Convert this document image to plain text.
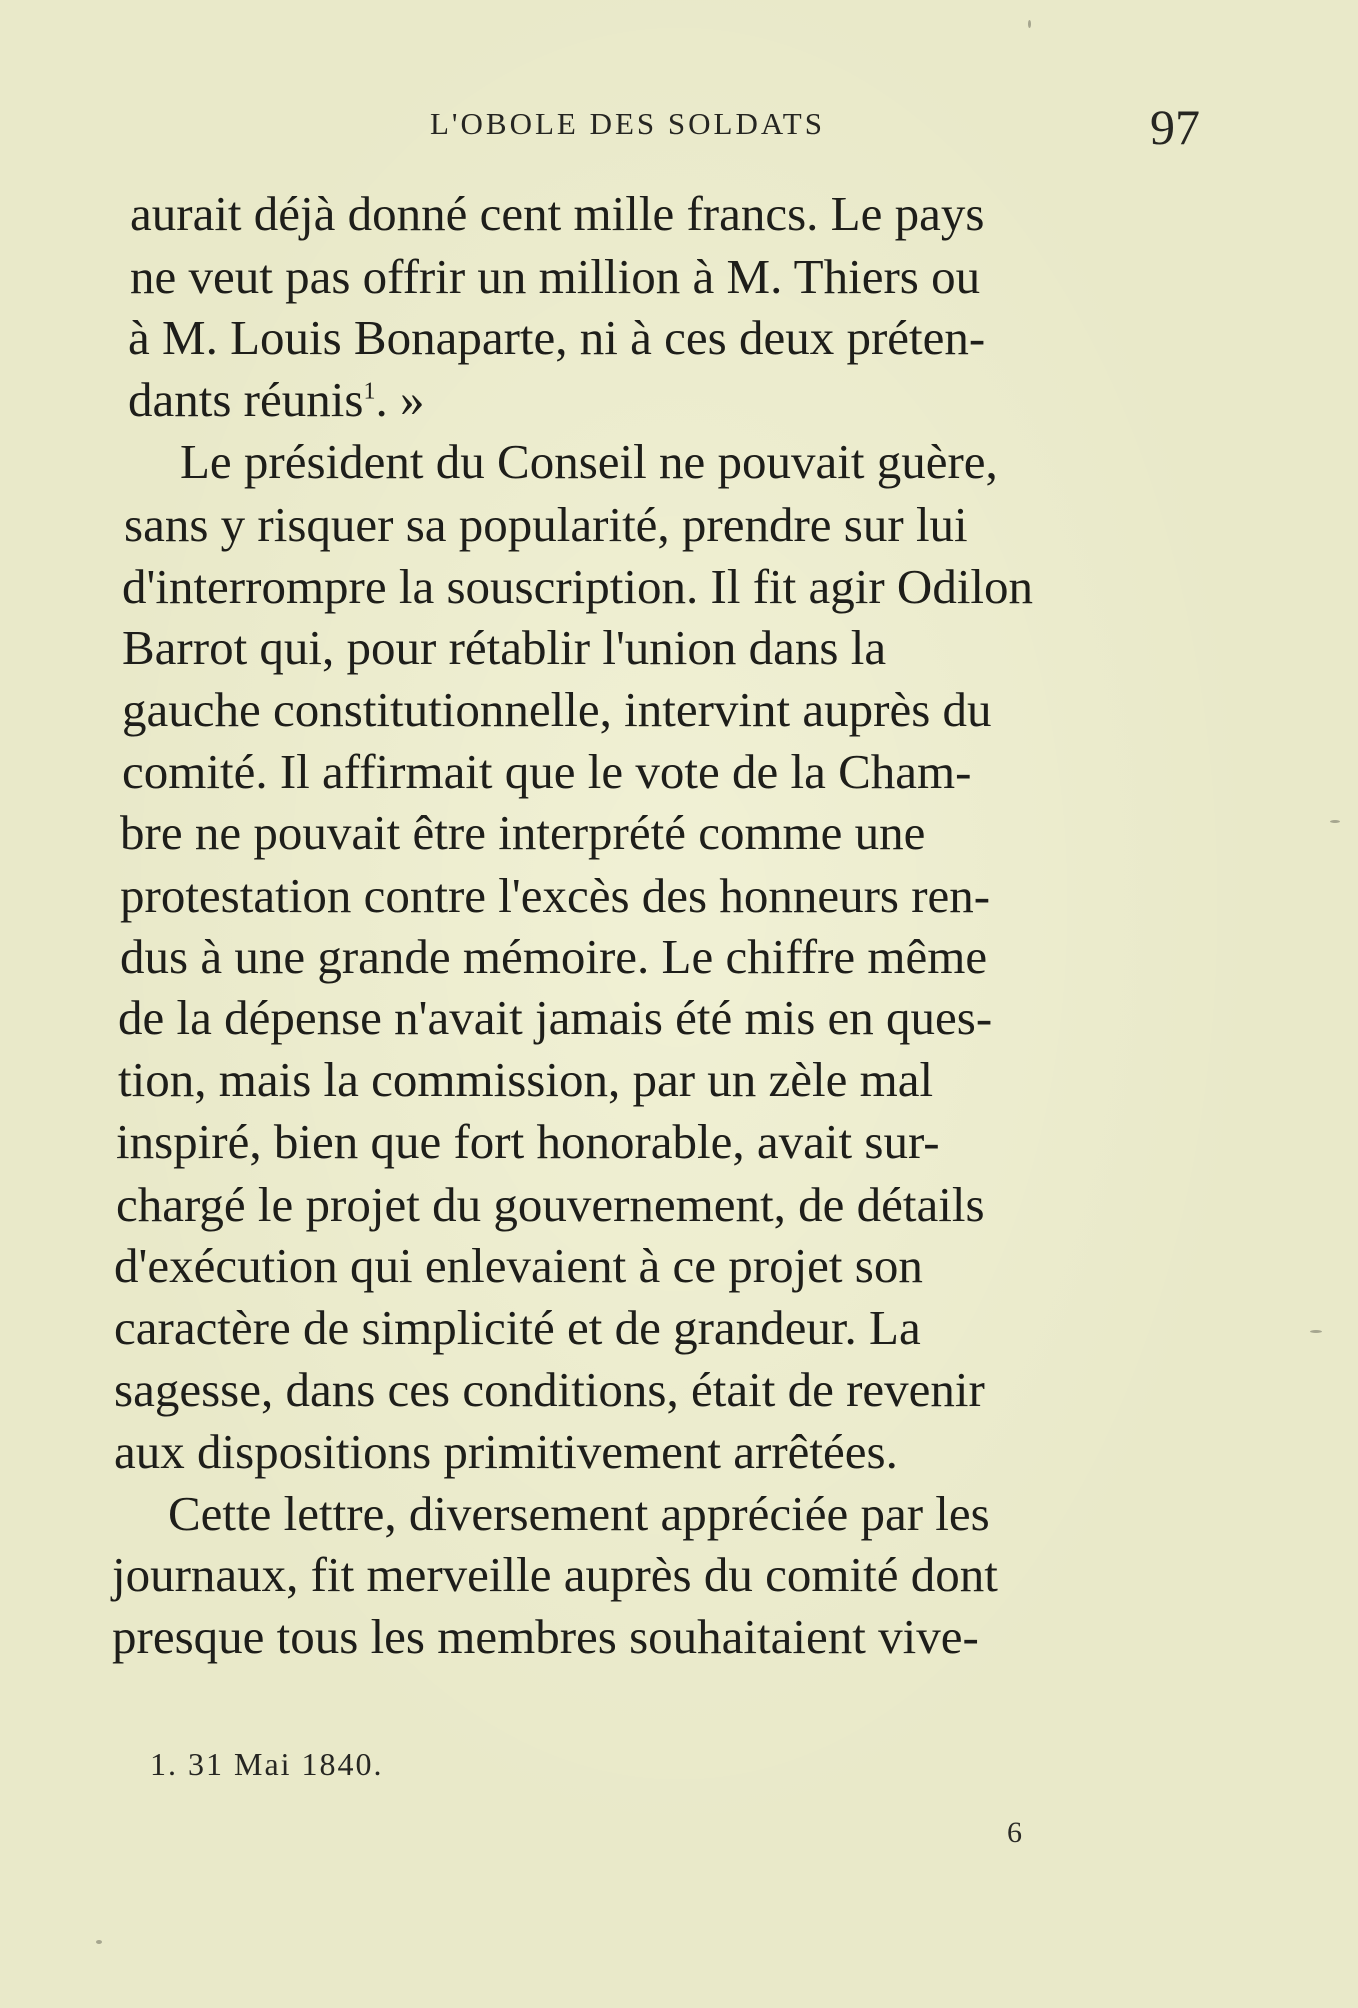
L'OBOLE DES SOLDATS	97
aurait déjà donné cent mille francs. Le pays
ne veut pas offrir un million à M. Thiers ou
à M. Louis Bonaparte, ni à ces deux préten-
dants réunis$^1$. »
Le président du Conseil ne pouvait guère,
sans y risquer sa popularité, prendre sur lui
d'interrompre la souscription. Il fit agir Odilon
Barrot qui, pour rétablir l'union dans la
gauche constitutionnelle, intervint auprès du
comité. Il affirmait que le vote de la Cham-
bre ne pouvait être interprété comme une
protestation contre l'excès des honneurs ren-
dus à une grande mémoire. Le chiffre même
de la dépense n'avait jamais été mis en ques-
tion, mais la commission, par un zèle mal
inspiré, bien que fort honorable, avait sur-
chargé le projet du gouvernement, de détails
d'exécution qui enlevaient à ce projet son
caractère de simplicité et de grandeur. La
sagesse, dans ces conditions, était de revenir
aux dispositions primitivement arrêtées.
Cette lettre, diversement appréciée par les
journaux, fit merveille auprès du comité dont
presque tous les membres souhaitaient vive-
1. 31 Mai 1840.
6
